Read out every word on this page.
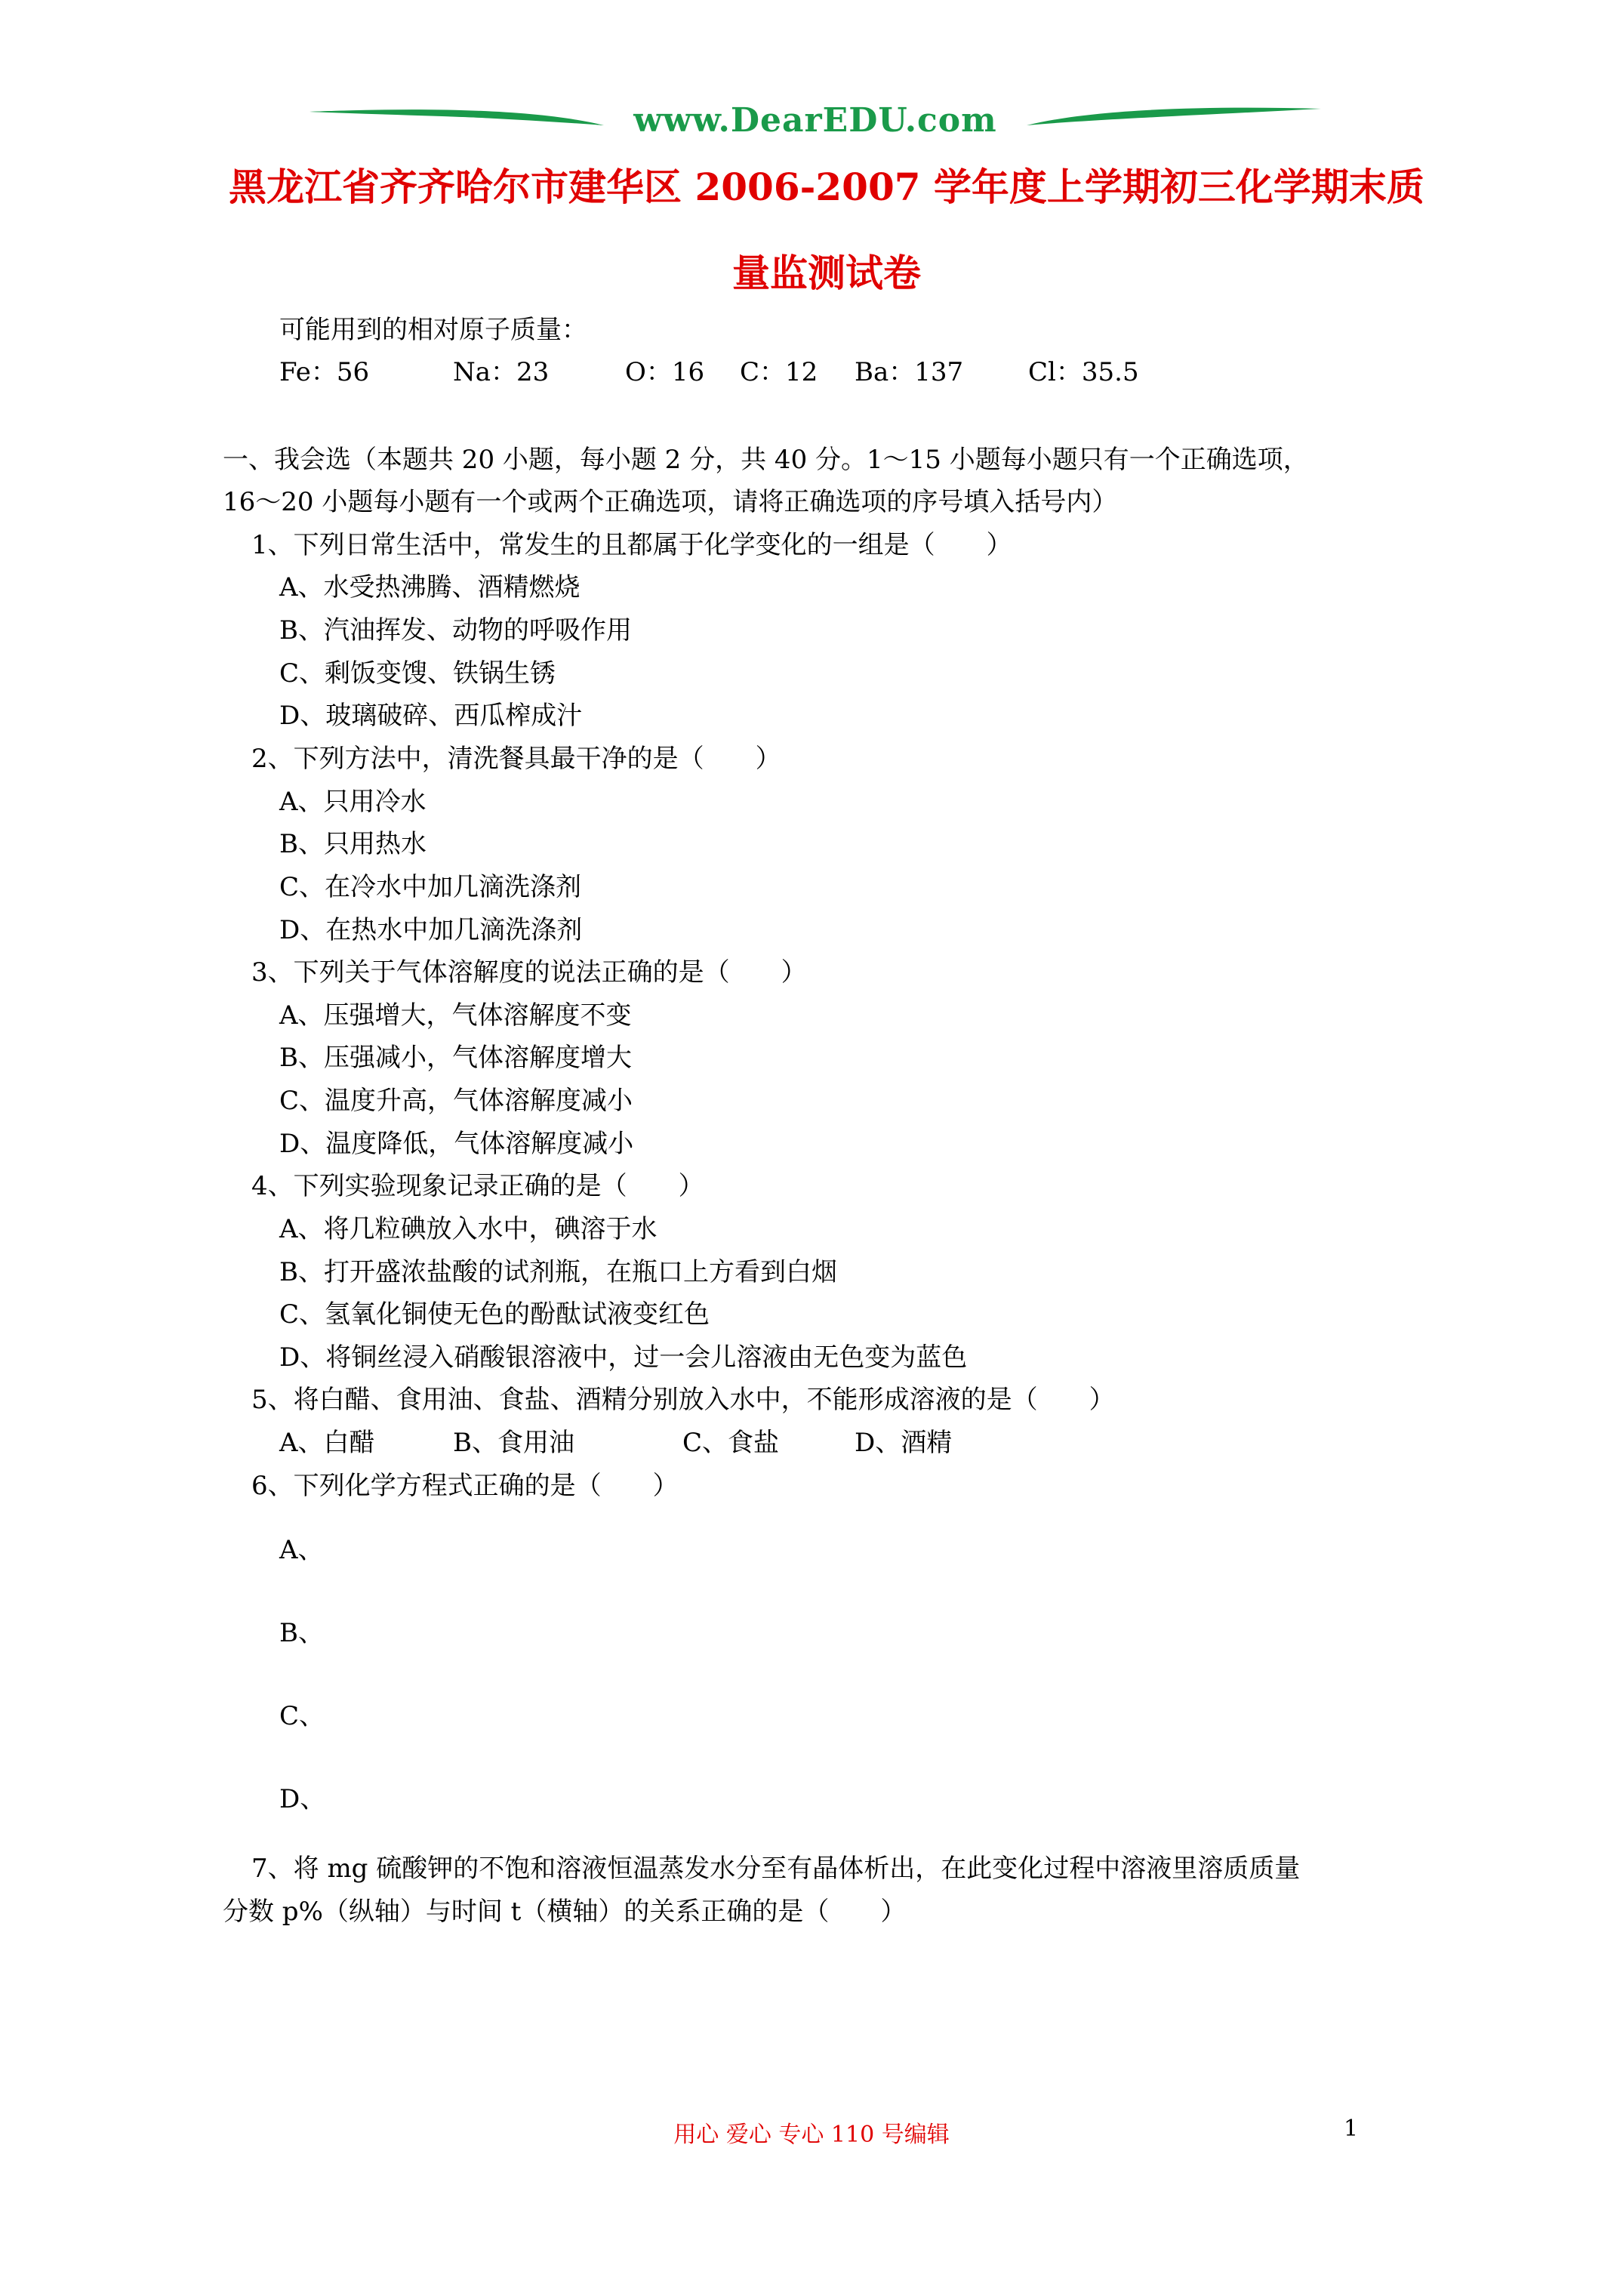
www.DearEDU.com
黑龙江省齐齐哈尔市建华区 2006-2007 学年度上学期初三化学期末质
量监测试卷
可能用到的相对原子质量：
Fe：56	Na：23	O：16 C：12 Ba：137	Cl：35.5
一、我会选（本题共 20 小题，每小题 2 分，共 40 分。1～15 小题每小题只有一个正确选项，
16～20 小题每小题有一个或两个正确选项，请将正确选项的序号填入括号内）
1、下列日常生活中，常发生的且都属于化学变化的一组是（　　）
A、水受热沸腾、酒精燃烧
B、汽油挥发、动物的呼吸作用
C、剩饭变馊、铁锅生锈
D、玻璃破碎、西瓜榨成汁
2、下列方法中，清洗餐具最干净的是（　　）
A、只用冷水
B、只用热水
C、在冷水中加几滴洗涤剂
D、在热水中加几滴洗涤剂
3、下列关于气体溶解度的说法正确的是（　　）
A、压强增大，气体溶解度不变
B、压强减小，气体溶解度增大
C、温度升高，气体溶解度减小
D、温度降低，气体溶解度减小
4、下列实验现象记录正确的是（　　）
A、将几粒碘放入水中，碘溶于水
B、打开盛浓盐酸的试剂瓶，在瓶口上方看到白烟
C、氢氧化铜使无色的酚酞试液变红色
D、将铜丝浸入硝酸银溶液中，过一会儿溶液由无色变为蓝色
5、将白醋、食用油、食盐、酒精分别放入水中，不能形成溶液的是（　　）
A、白醋	B、食用油	C、食盐	D、酒精
6、下列化学方程式正确的是（　　）
A、
B、
C、
D、
7、将 mg 硫酸钾的不饱和溶液恒温蒸发水分至有晶体析出，在此变化过程中溶液里溶质质量
分数 p%（纵轴）与时间 t（横轴）的关系正确的是（　　）
用心 爱心 专心 110 号编辑	1
